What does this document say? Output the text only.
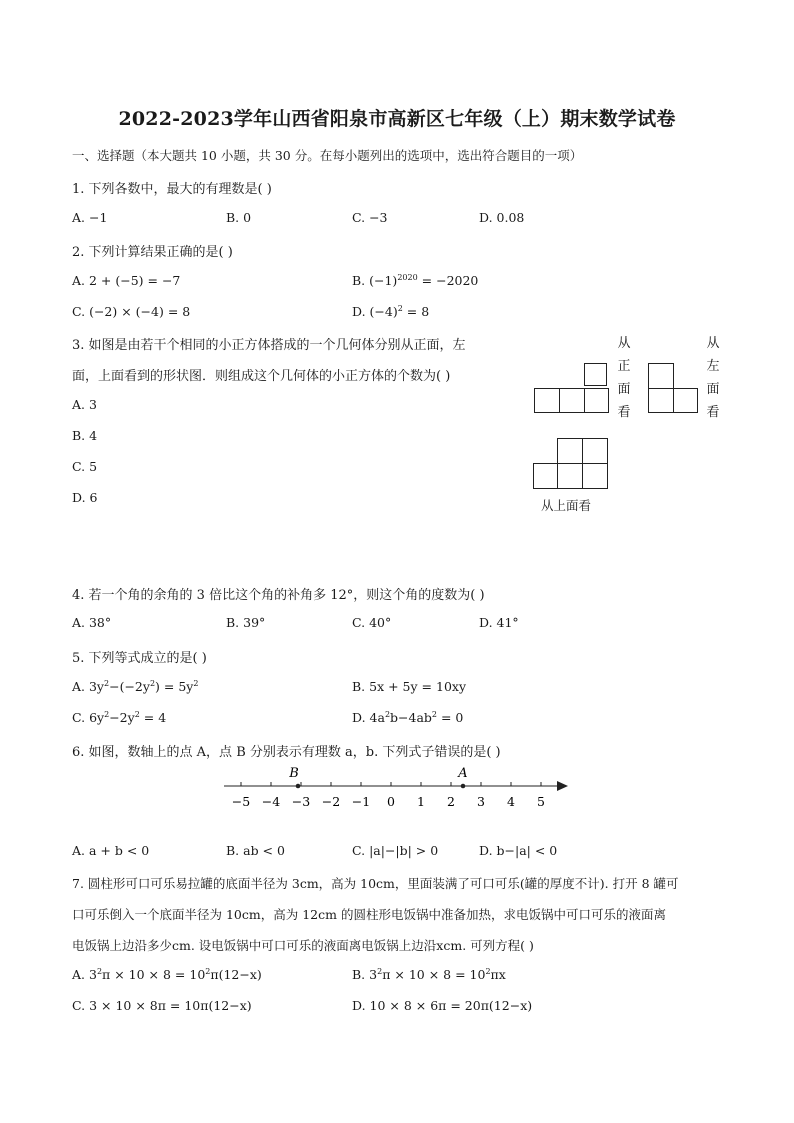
2022-2023学年山西省阳泉市高新区七年级（上）期末数学试卷
一、选择题（本大题共 10 小题，共 30 分。在每小题列出的选项中，选出符合题目的一项）
1. 下列各数中，最大的有理数是( )
A. −1	B. 0	C. −3	D. 0.08
2. 下列计算结果正确的是( )
A. 2 + (−5) = −7	B. $(-1)^{2020} = -2020$
C. (−2) × (−4) = 8	D. $(-4)^2 = 8$
3. 如图是由若干个相同的小正方体搭成的一个几何体分别从正面，左
面，上面看到的形状图．则组成这个几何体的小正方体的个数为( )
A. 3
B. 4
C. 5
D. 6
从正面看
从左面看
从上面看
4. 若一个角的余角的 3 倍比这个角的补角多 12°，则这个角的度数为( )
A. 38°	B. 39°	C. 40°	D. 41°
5. 下列等式成立的是( )
A. $3y^2-(-2y^2) = 5y^2$	B. 5x + 5y = 10xy
C. $6y^2-2y^2 = 4$	D. $4a^2b-4ab^2 = 0$
6. 如图，数轴上的点 A，点 B 分别表示有理数 a，b. 下列式子错误的是( )
−5 −4 −3 −2 −1 0 1 2 3 4 5
B	A
A. a + b < 0	B. ab < 0	C. |a|−|b| > 0	D. b−|a| < 0
7. 圆柱形可口可乐易拉罐的底面半径为 3cm，高为 10cm，里面装满了可口可乐(罐的厚度不计). 打开 8 罐可
口可乐倒入一个底面半径为 10cm，高为 12cm 的圆柱形电饭锅中准备加热，求电饭锅中可口可乐的液面离
电饭锅上边沿多少cm. 设电饭锅中可口可乐的液面离电饭锅上边沿xcm. 可列方程( )
A. $3^2\pi \times 10 \times 8 = 10^2\pi(12-x)$	B. $3^2\pi \times 10 \times 8 = 10^2\pi x$
C. 3 × 10 × 8π = 10π(12−x)	D. 10 × 8 × 6π = 20π(12−x)
